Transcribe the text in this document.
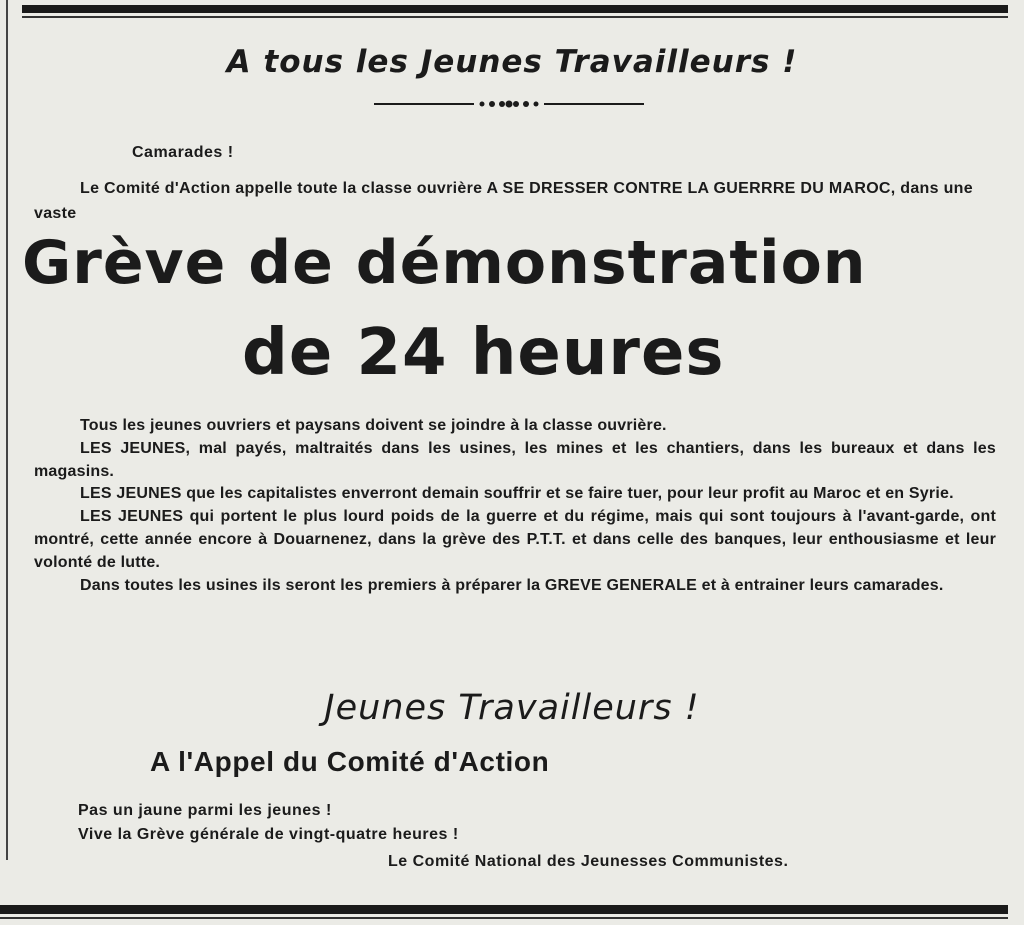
A tous les Jeunes Travailleurs !
Camarades !
Le Comité d'Action appelle toute la classe ouvrière A SE DRESSER CONTRE LA GUERRRE DU MAROC, dans une vaste
Grève de démonstration
de 24 heures

Tous les jeunes ouvriers et paysans doivent se joindre à la classe ouvrière.

LES JEUNES, mal payés, maltraités dans les usines, les mines et les chantiers, dans les bureaux et dans les magasins.

LES JEUNES que les capitalistes enverront demain souffrir et se faire tuer, pour leur profit au Maroc et en Syrie.

LES JEUNES qui portent le plus lourd poids de la guerre et du régime, mais qui sont toujours à l'avant-garde, ont montré, cette année encore à Douarnenez, dans la grève des P.T.T. et dans celle des banques, leur enthousiasme et leur volonté de lutte.

Dans toutes les usines ils seront les premiers à préparer la GREVE GENERALE et à entrainer leurs camarades.

Jeunes Travailleurs !
A l'Appel du Comité d'Action
Pas un jaune parmi les jeunes !
Vive la Grève générale de vingt-quatre heures !
Le Comité National des Jeunesses Communistes.
